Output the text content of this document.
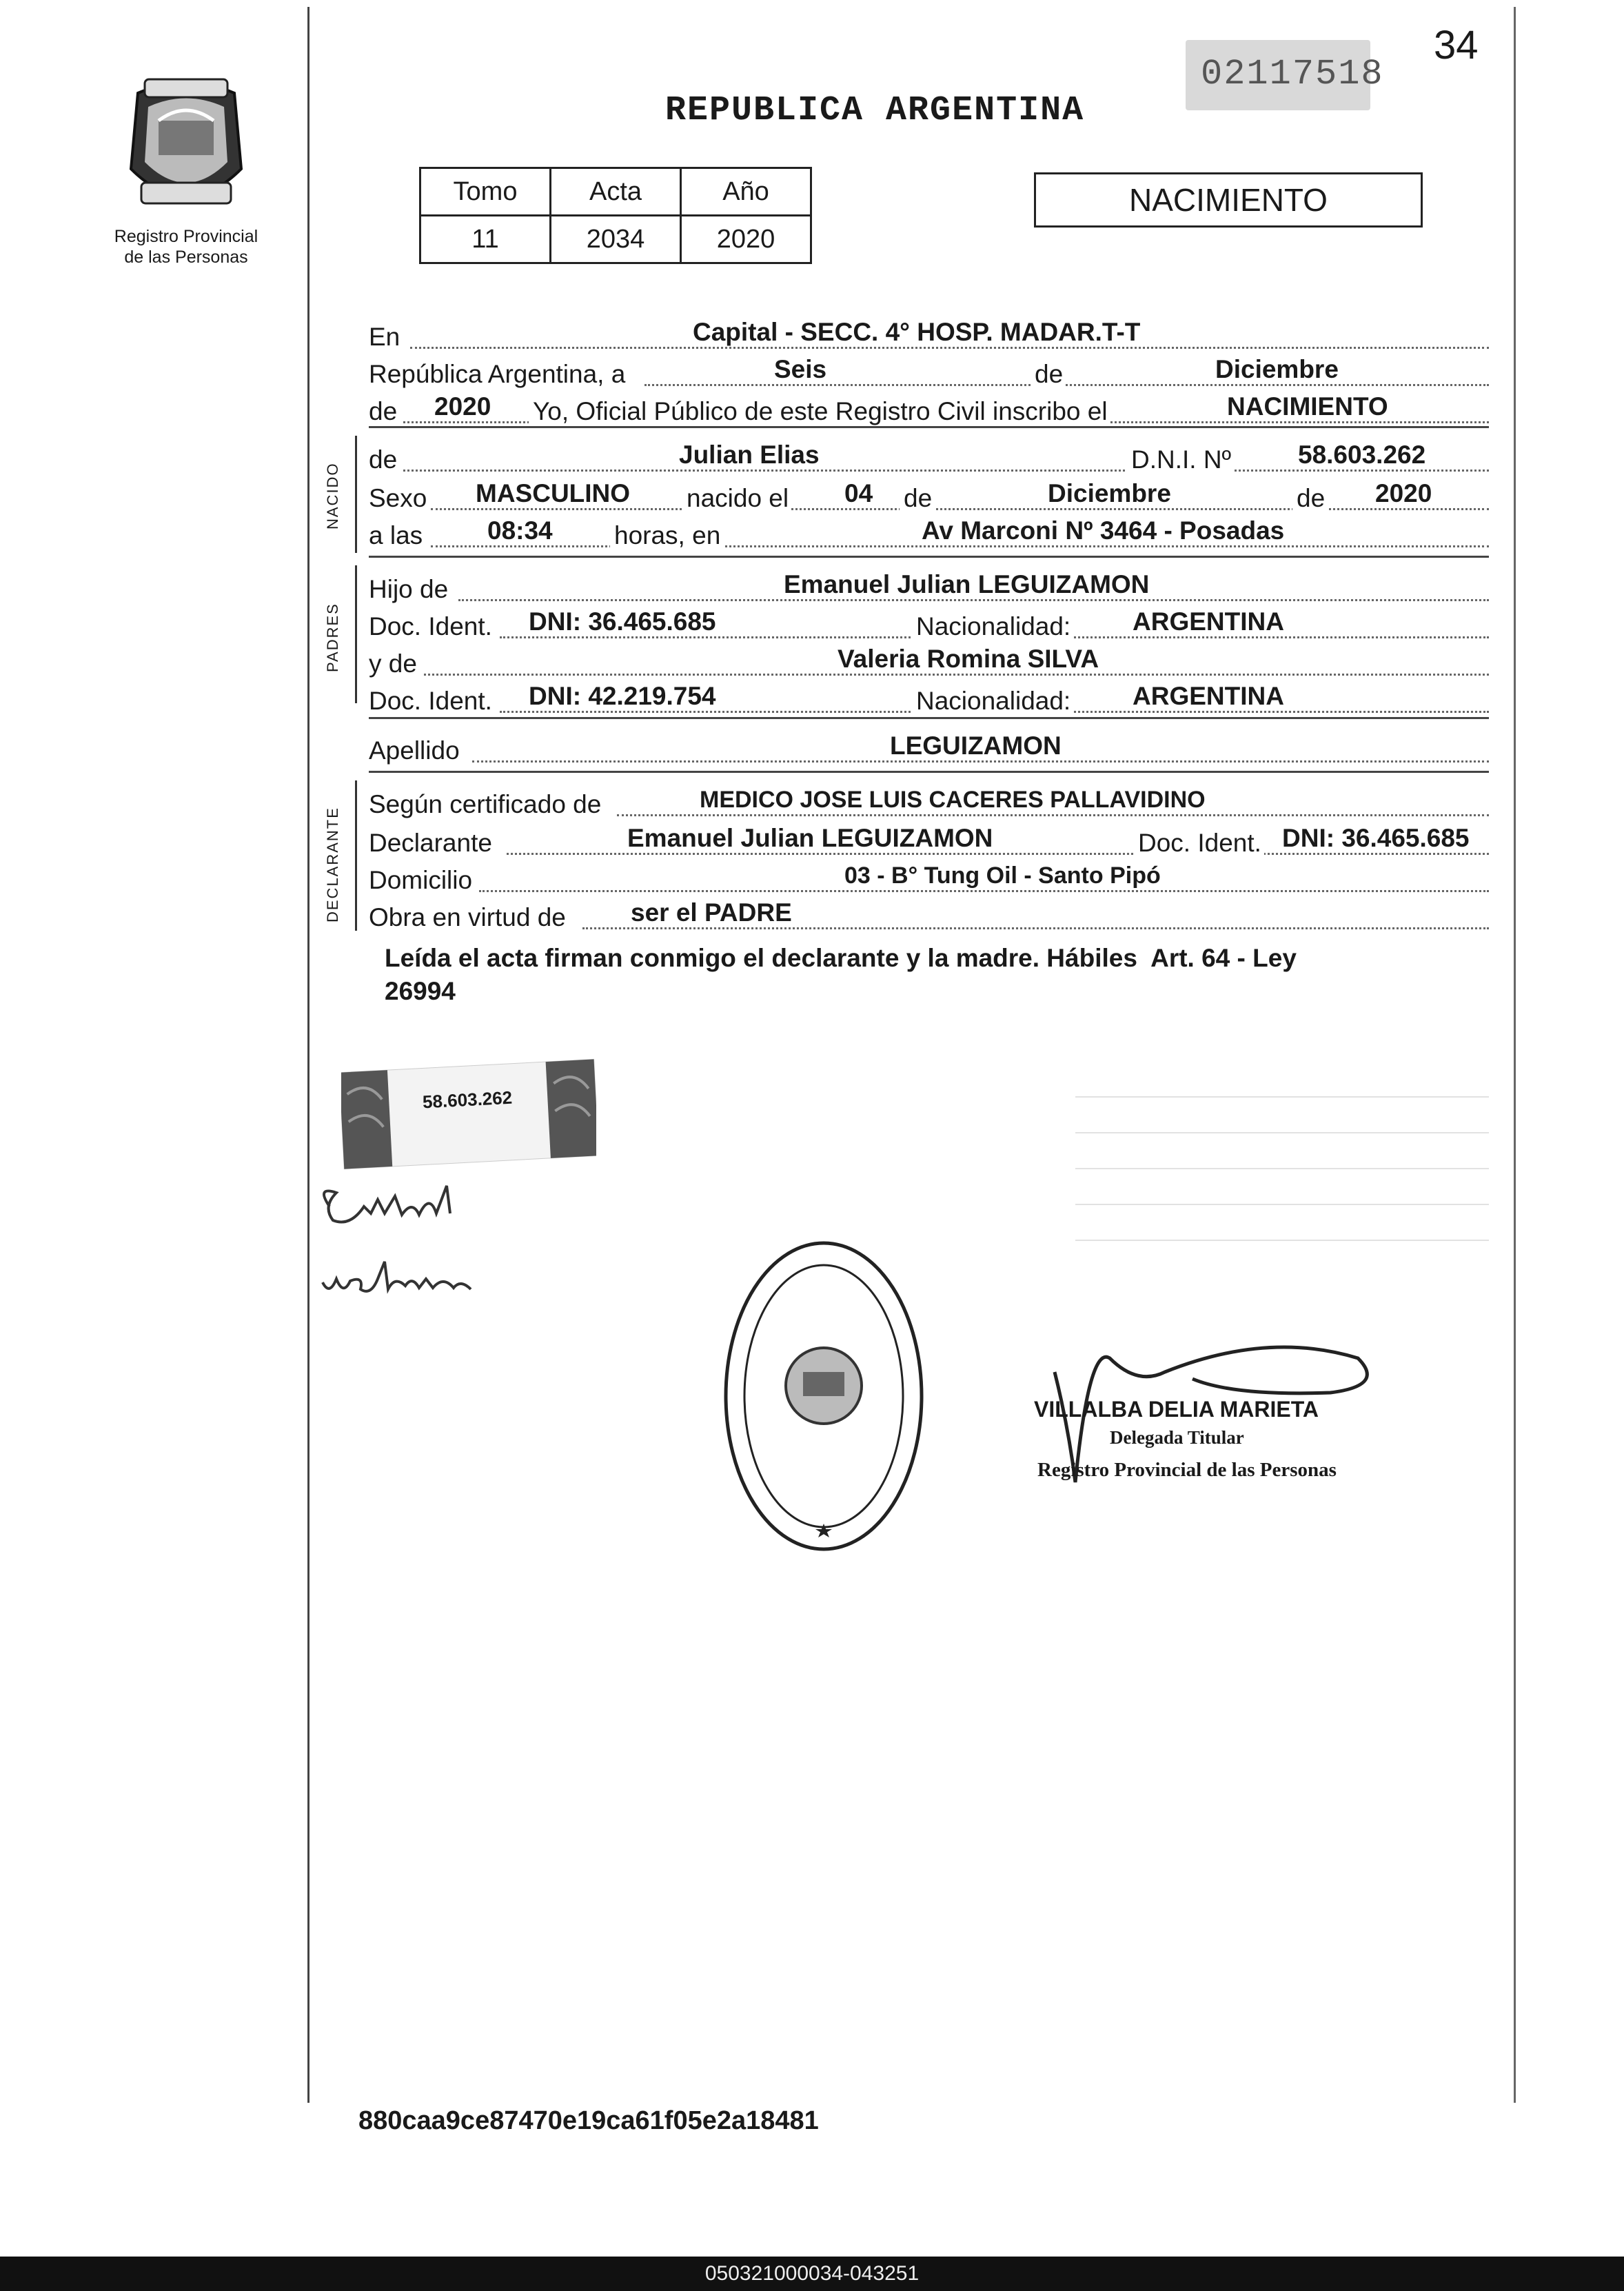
Registro Provincial
de las Personas
REPUBLICA ARGENTINA
02117518
34
Tomo	Acta	Año
11	2034	2020
NACIMIENTO
En	Capital - SECC. 4° HOSP. MADAR.T-T
República Argentina, a	Seis	de	Diciembre
de 2020 Yo, Oficial Público de este Registro Civil inscribo el	NACIMIENTO
NACIDO
de	Julian Elias	D.N.I. Nº	58.603.262
Sexo MASCULINO nacido el 04 de	Diciembre	de 2020
a las	08:34 horas, en	Av Marconi Nº 3464 - Posadas
PADRES
Hijo de	Emanuel Julian LEGUIZAMON
Doc. Ident. DNI: 36.465.685	Nacionalidad: ARGENTINA
y de	Valeria Romina SILVA
Doc. Ident. DNI: 42.219.754	Nacionalidad: ARGENTINA
Apellido	LEGUIZAMON
DECLARANTE
Según certificado de	MEDICO JOSE LUIS CACERES PALLAVIDINO
Declarante	Emanuel Julian LEGUIZAMON	Doc. Ident. DNI: 36.465.685
Domicilio	03 - B° Tung Oil - Santo Pipó
Obra en virtud de	ser el PADRE
Leída el acta firman conmigo el declarante y la madre. Hábiles  Art. 64 - Ley
26994
58.603.262
VILLALBA DELIA MARIETA
Delegada Titular
Registro Provincial de las Personas
880caa9ce87470e19ca61f05e2a18481
050321000034-043251
